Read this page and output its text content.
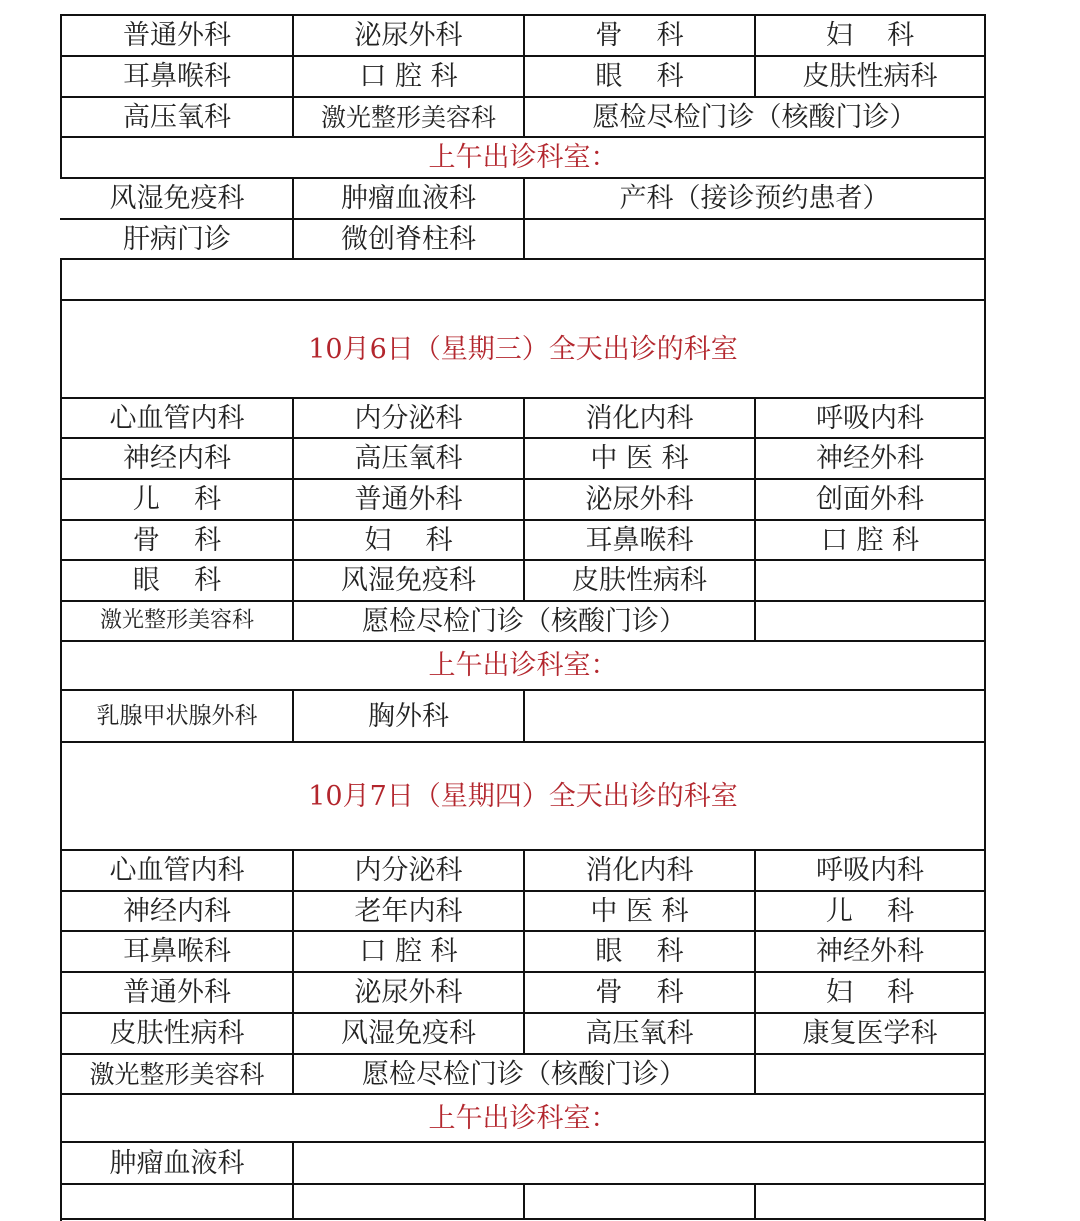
普通外科	泌尿外科	骨    科	妇    科
耳鼻喉科	口 腔 科	眼    科	皮肤性病科
高压氧科	激光整形美容科	愿检尽检门诊（核酸门诊）
上午出诊科室：
风湿免疫科	肿瘤血液科	产科（接诊预约患者）
肝病门诊	微创脊柱科
10月6日（星期三）全天出诊的科室
心血管内科	内分泌科	消化内科	呼吸内科
神经内科	高压氧科	中 医 科	神经外科
儿    科	普通外科	泌尿外科	创面外科
骨    科	妇    科	耳鼻喉科	口 腔 科
眼    科	风湿免疫科	皮肤性病科
激光整形美容科	愿检尽检门诊（核酸门诊）
上午出诊科室：
乳腺甲状腺外科	胸外科
10月7日（星期四）全天出诊的科室
心血管内科	内分泌科	消化内科	呼吸内科
神经内科	老年内科	中 医 科	儿    科
耳鼻喉科	口 腔 科	眼    科	神经外科
普通外科	泌尿外科	骨    科	妇    科
皮肤性病科	风湿免疫科	高压氧科	康复医学科
激光整形美容科	愿检尽检门诊（核酸门诊）
上午出诊科室：
肿瘤血液科
